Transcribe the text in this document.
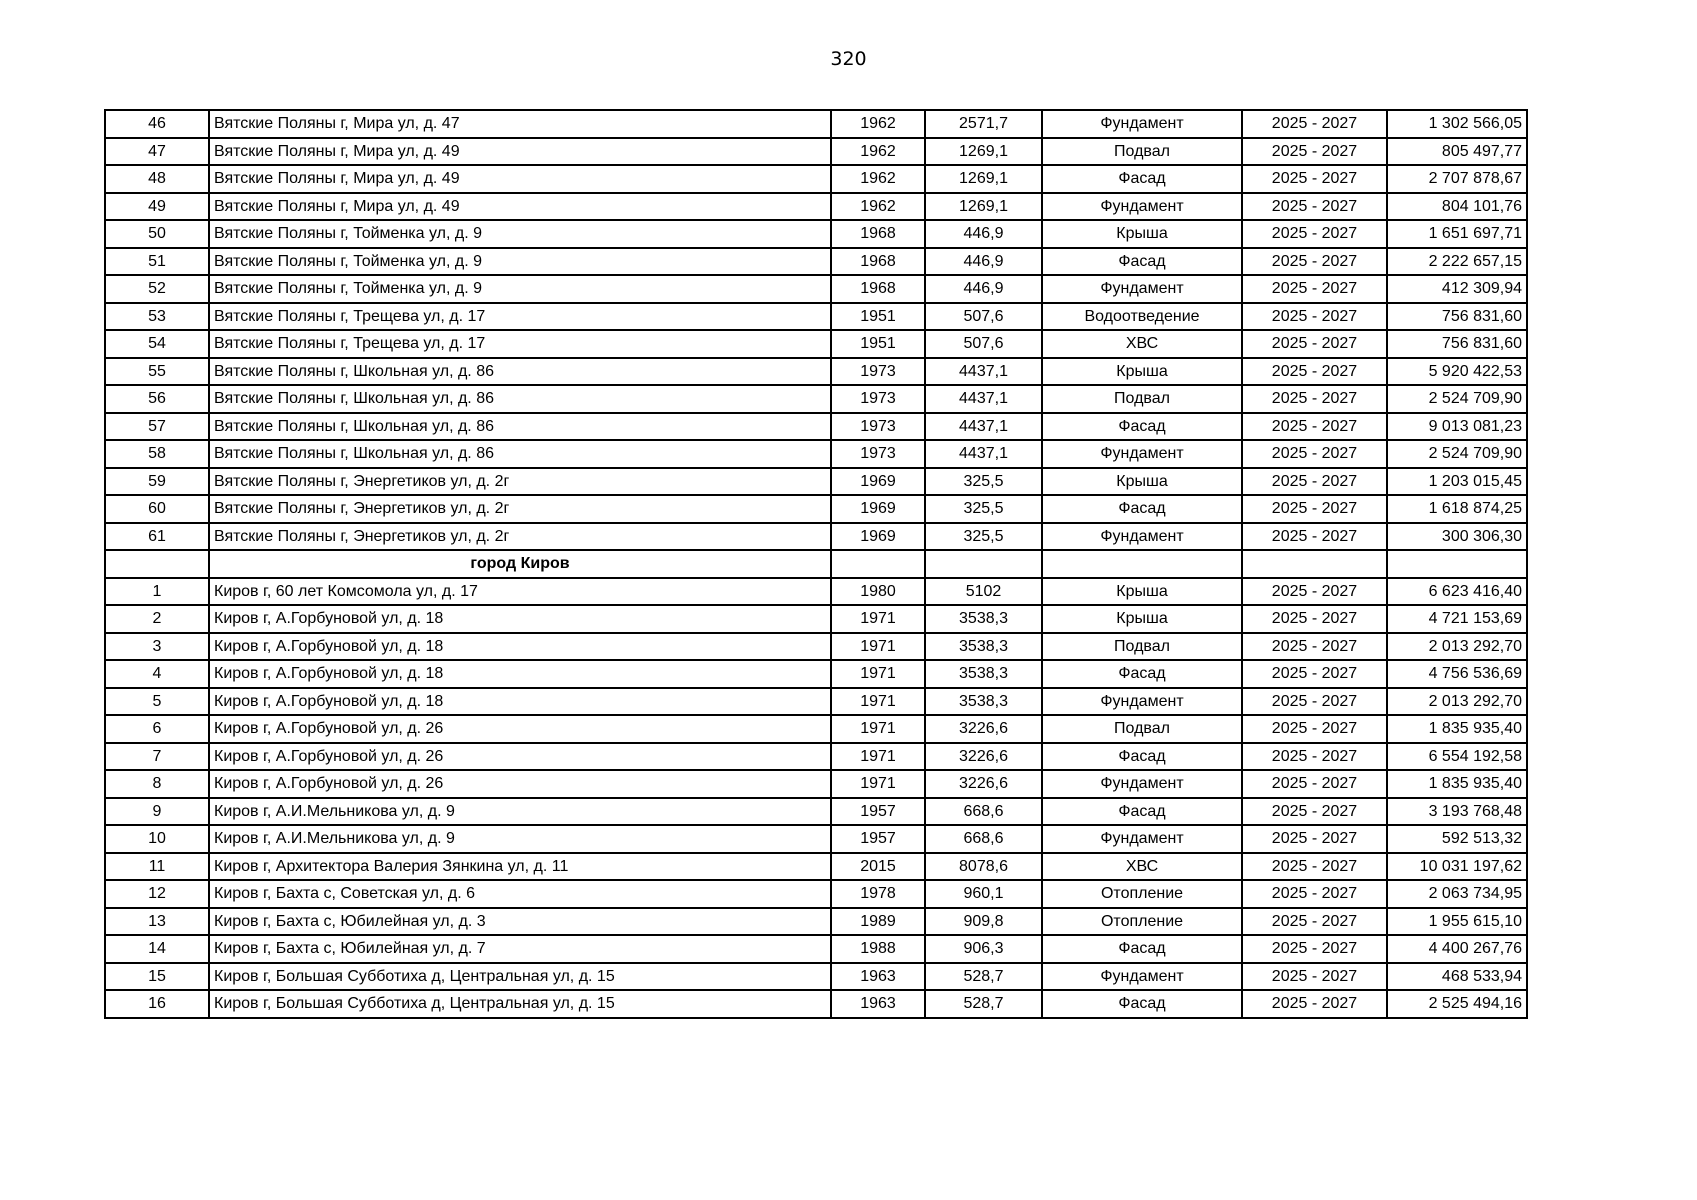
320
46	Вятские Поляны г, Мира ул, д. 47	1962	2571,7	Фундамент	2025 - 2027	1 302 566,05
47	Вятские Поляны г, Мира ул, д. 49	1962	1269,1	Подвал	2025 - 2027	805 497,77
48	Вятские Поляны г, Мира ул, д. 49	1962	1269,1	Фасад	2025 - 2027	2 707 878,67
49	Вятские Поляны г, Мира ул, д. 49	1962	1269,1	Фундамент	2025 - 2027	804 101,76
50	Вятские Поляны г, Тойменка ул, д. 9	1968	446,9	Крыша	2025 - 2027	1 651 697,71
51	Вятские Поляны г, Тойменка ул, д. 9	1968	446,9	Фасад	2025 - 2027	2 222 657,15
52	Вятские Поляны г, Тойменка ул, д. 9	1968	446,9	Фундамент	2025 - 2027	412 309,94
53	Вятские Поляны г, Трещева ул, д. 17	1951	507,6	Водоотведение	2025 - 2027	756 831,60
54	Вятские Поляны г, Трещева ул, д. 17	1951	507,6	ХВС	2025 - 2027	756 831,60
55	Вятские Поляны г, Школьная ул, д. 86	1973	4437,1	Крыша	2025 - 2027	5 920 422,53
56	Вятские Поляны г, Школьная ул, д. 86	1973	4437,1	Подвал	2025 - 2027	2 524 709,90
57	Вятские Поляны г, Школьная ул, д. 86	1973	4437,1	Фасад	2025 - 2027	9 013 081,23
58	Вятские Поляны г, Школьная ул, д. 86	1973	4437,1	Фундамент	2025 - 2027	2 524 709,90
59	Вятские Поляны г, Энергетиков ул, д. 2г	1969	325,5	Крыша	2025 - 2027	1 203 015,45
60	Вятские Поляны г, Энергетиков ул, д. 2г	1969	325,5	Фасад	2025 - 2027	1 618 874,25
61	Вятские Поляны г, Энергетиков ул, д. 2г	1969	325,5	Фундамент	2025 - 2027	300 306,30
	город Киров					
1	Киров г, 60 лет Комсомола ул, д. 17	1980	5102	Крыша	2025 - 2027	6 623 416,40
2	Киров г, А.Горбуновой ул, д. 18	1971	3538,3	Крыша	2025 - 2027	4 721 153,69
3	Киров г, А.Горбуновой ул, д. 18	1971	3538,3	Подвал	2025 - 2027	2 013 292,70
4	Киров г, А.Горбуновой ул, д. 18	1971	3538,3	Фасад	2025 - 2027	4 756 536,69
5	Киров г, А.Горбуновой ул, д. 18	1971	3538,3	Фундамент	2025 - 2027	2 013 292,70
6	Киров г, А.Горбуновой ул, д. 26	1971	3226,6	Подвал	2025 - 2027	1 835 935,40
7	Киров г, А.Горбуновой ул, д. 26	1971	3226,6	Фасад	2025 - 2027	6 554 192,58
8	Киров г, А.Горбуновой ул, д. 26	1971	3226,6	Фундамент	2025 - 2027	1 835 935,40
9	Киров г, А.И.Мельникова ул, д. 9	1957	668,6	Фасад	2025 - 2027	3 193 768,48
10	Киров г, А.И.Мельникова ул, д. 9	1957	668,6	Фундамент	2025 - 2027	592 513,32
11	Киров г, Архитектора Валерия Зянкина ул, д. 11	2015	8078,6	ХВС	2025 - 2027	10 031 197,62
12	Киров г, Бахта с, Советская ул, д. 6	1978	960,1	Отопление	2025 - 2027	2 063 734,95
13	Киров г, Бахта с, Юбилейная ул, д. 3	1989	909,8	Отопление	2025 - 2027	1 955 615,10
14	Киров г, Бахта с, Юбилейная ул, д. 7	1988	906,3	Фасад	2025 - 2027	4 400 267,76
15	Киров г, Большая Субботиха д, Центральная ул, д. 15	1963	528,7	Фундамент	2025 - 2027	468 533,94
16	Киров г, Большая Субботиха д, Центральная ул, д. 15	1963	528,7	Фасад	2025 - 2027	2 525 494,16
